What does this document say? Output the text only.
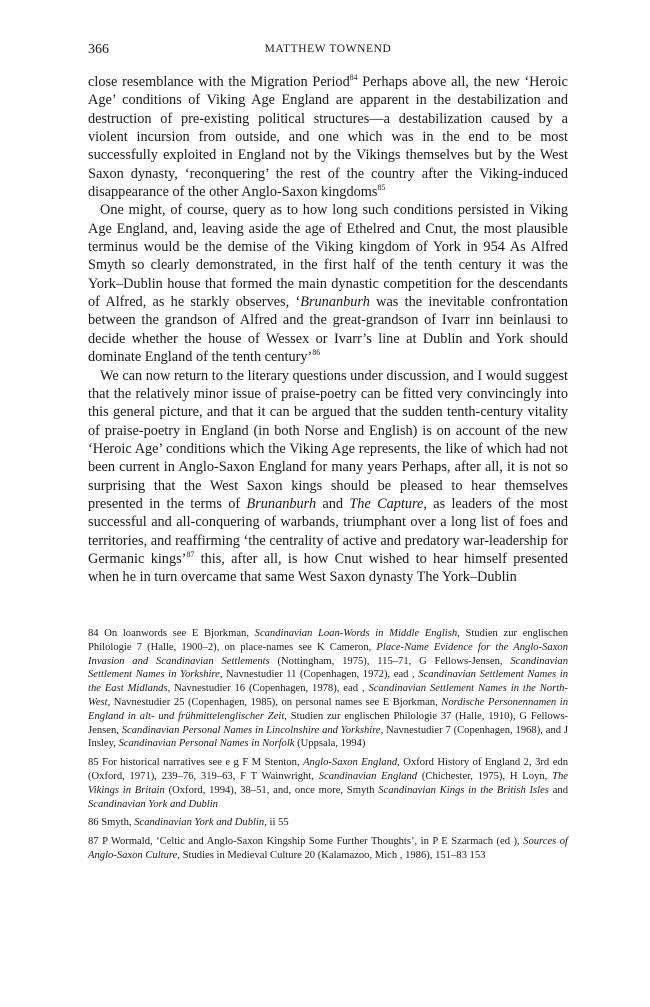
366	MATTHEW TOWNEND

close resemblance with the Migration Period$^{84}$ Perhaps above all, the new ‘Heroic Age’ conditions of Viking Age England are apparent in the destabilization and destruction of pre-existing political structures—a destabilization caused by a violent incursion from outside, and one which was in the end to be most successfully exploited in England not by the Vikings themselves but by the West Saxon dynasty, ‘reconquering’ the rest of the country after the Viking-induced disappearance of the other Anglo-Saxon kingdoms$^{85}$

One might, of course, query as to how long such conditions persisted in Viking Age England, and, leaving aside the age of Ethelred and Cnut, the most plausible terminus would be the demise of the Viking kingdom of York in 954 As Alfred Smyth so clearly demonstrated, in the first half of the tenth century it was the York–Dublin house that formed the main dynastic competition for the descendants of Alfred, as he starkly observes, ‘Brunanburh was the inevitable confrontation between the grandson of Alfred and the great-grandson of Ivarr inn beinlausi to decide whether the house of Wessex or Ivarr’s line at Dublin and York should dominate England of the tenth century’$^{86}$

We can now return to the literary questions under discussion, and I would suggest that the relatively minor issue of praise-poetry can be fitted very convincingly into this general picture, and that it can be argued that the sudden tenth-century vitality of praise-poetry in England (in both Norse and English) is on account of the new ‘Heroic Age’ conditions which the Viking Age represents, the like of which had not been current in Anglo-Saxon England for many years Perhaps, after all, it is not so surprising that the West Saxon kings should be pleased to hear themselves presented in the terms of Brunanburh and The Capture, as leaders of the most successful and all-conquering of warbands, triumphant over a long list of foes and territories, and reaffirming ‘the centrality of active and predatory war-leadership for Germanic kings’$^{87}$ this, after all, is how Cnut wished to hear himself presented when he in turn overcame that same West Saxon dynasty The York–Dublin

84 On loanwords see E Bjorkman, Scandinavian Loan-Words in Middle English, Studien zur englischen Philologie 7 (Halle, 1900–2), on place-names see K Cameron, Place-Name Evidence for the Anglo-Saxon Invasion and Scandinavian Settlements (Nottingham, 1975), 115–71, G Fellows-Jensen, Scandinavian Settlement Names in Yorkshire, Navnestudier 11 (Copenhagen, 1972), ead , Scandinavian Settlement Names in the East Midlands, Navnestudier 16 (Copenhagen, 1978), ead , Scandinavian Settlement Names in the North-West, Navnestudier 25 (Copenhagen, 1985), on personal names see E Bjorkman, Nordische Personennamen in England in alt- und frühmittelenglischer Zeit, Studien zur englischen Philologie 37 (Halle, 1910), G Fellows-Jensen, Scandinavian Personal Names in Lincolnshire and Yorkshire, Navnestudier 7 (Copenhagen, 1968), and J Insley, Scandinavian Personal Names in Norfolk (Uppsala, 1994)

85 For historical narratives see e g F M Stenton, Anglo-Saxon England, Oxford History of England 2, 3rd edn (Oxford, 1971), 239–76, 319–63, F T Wainwright, Scandinavian England (Chichester, 1975), H Loyn, The Vikings in Britain (Oxford, 1994), 38–51, and, once more, Smyth Scandinavian Kings in the British Isles and Scandinavian York and Dublin

86 Smyth, Scandinavian York and Dublin, ii 55

87 P Wormald, ‘Celtic and Anglo-Saxon Kingship Some Further Thoughts’, in P E Szarmach (ed ), Sources of Anglo-Saxon Culture, Studies in Medieval Culture 20 (Kalamazoo, Mich , 1986), 151–83 153
